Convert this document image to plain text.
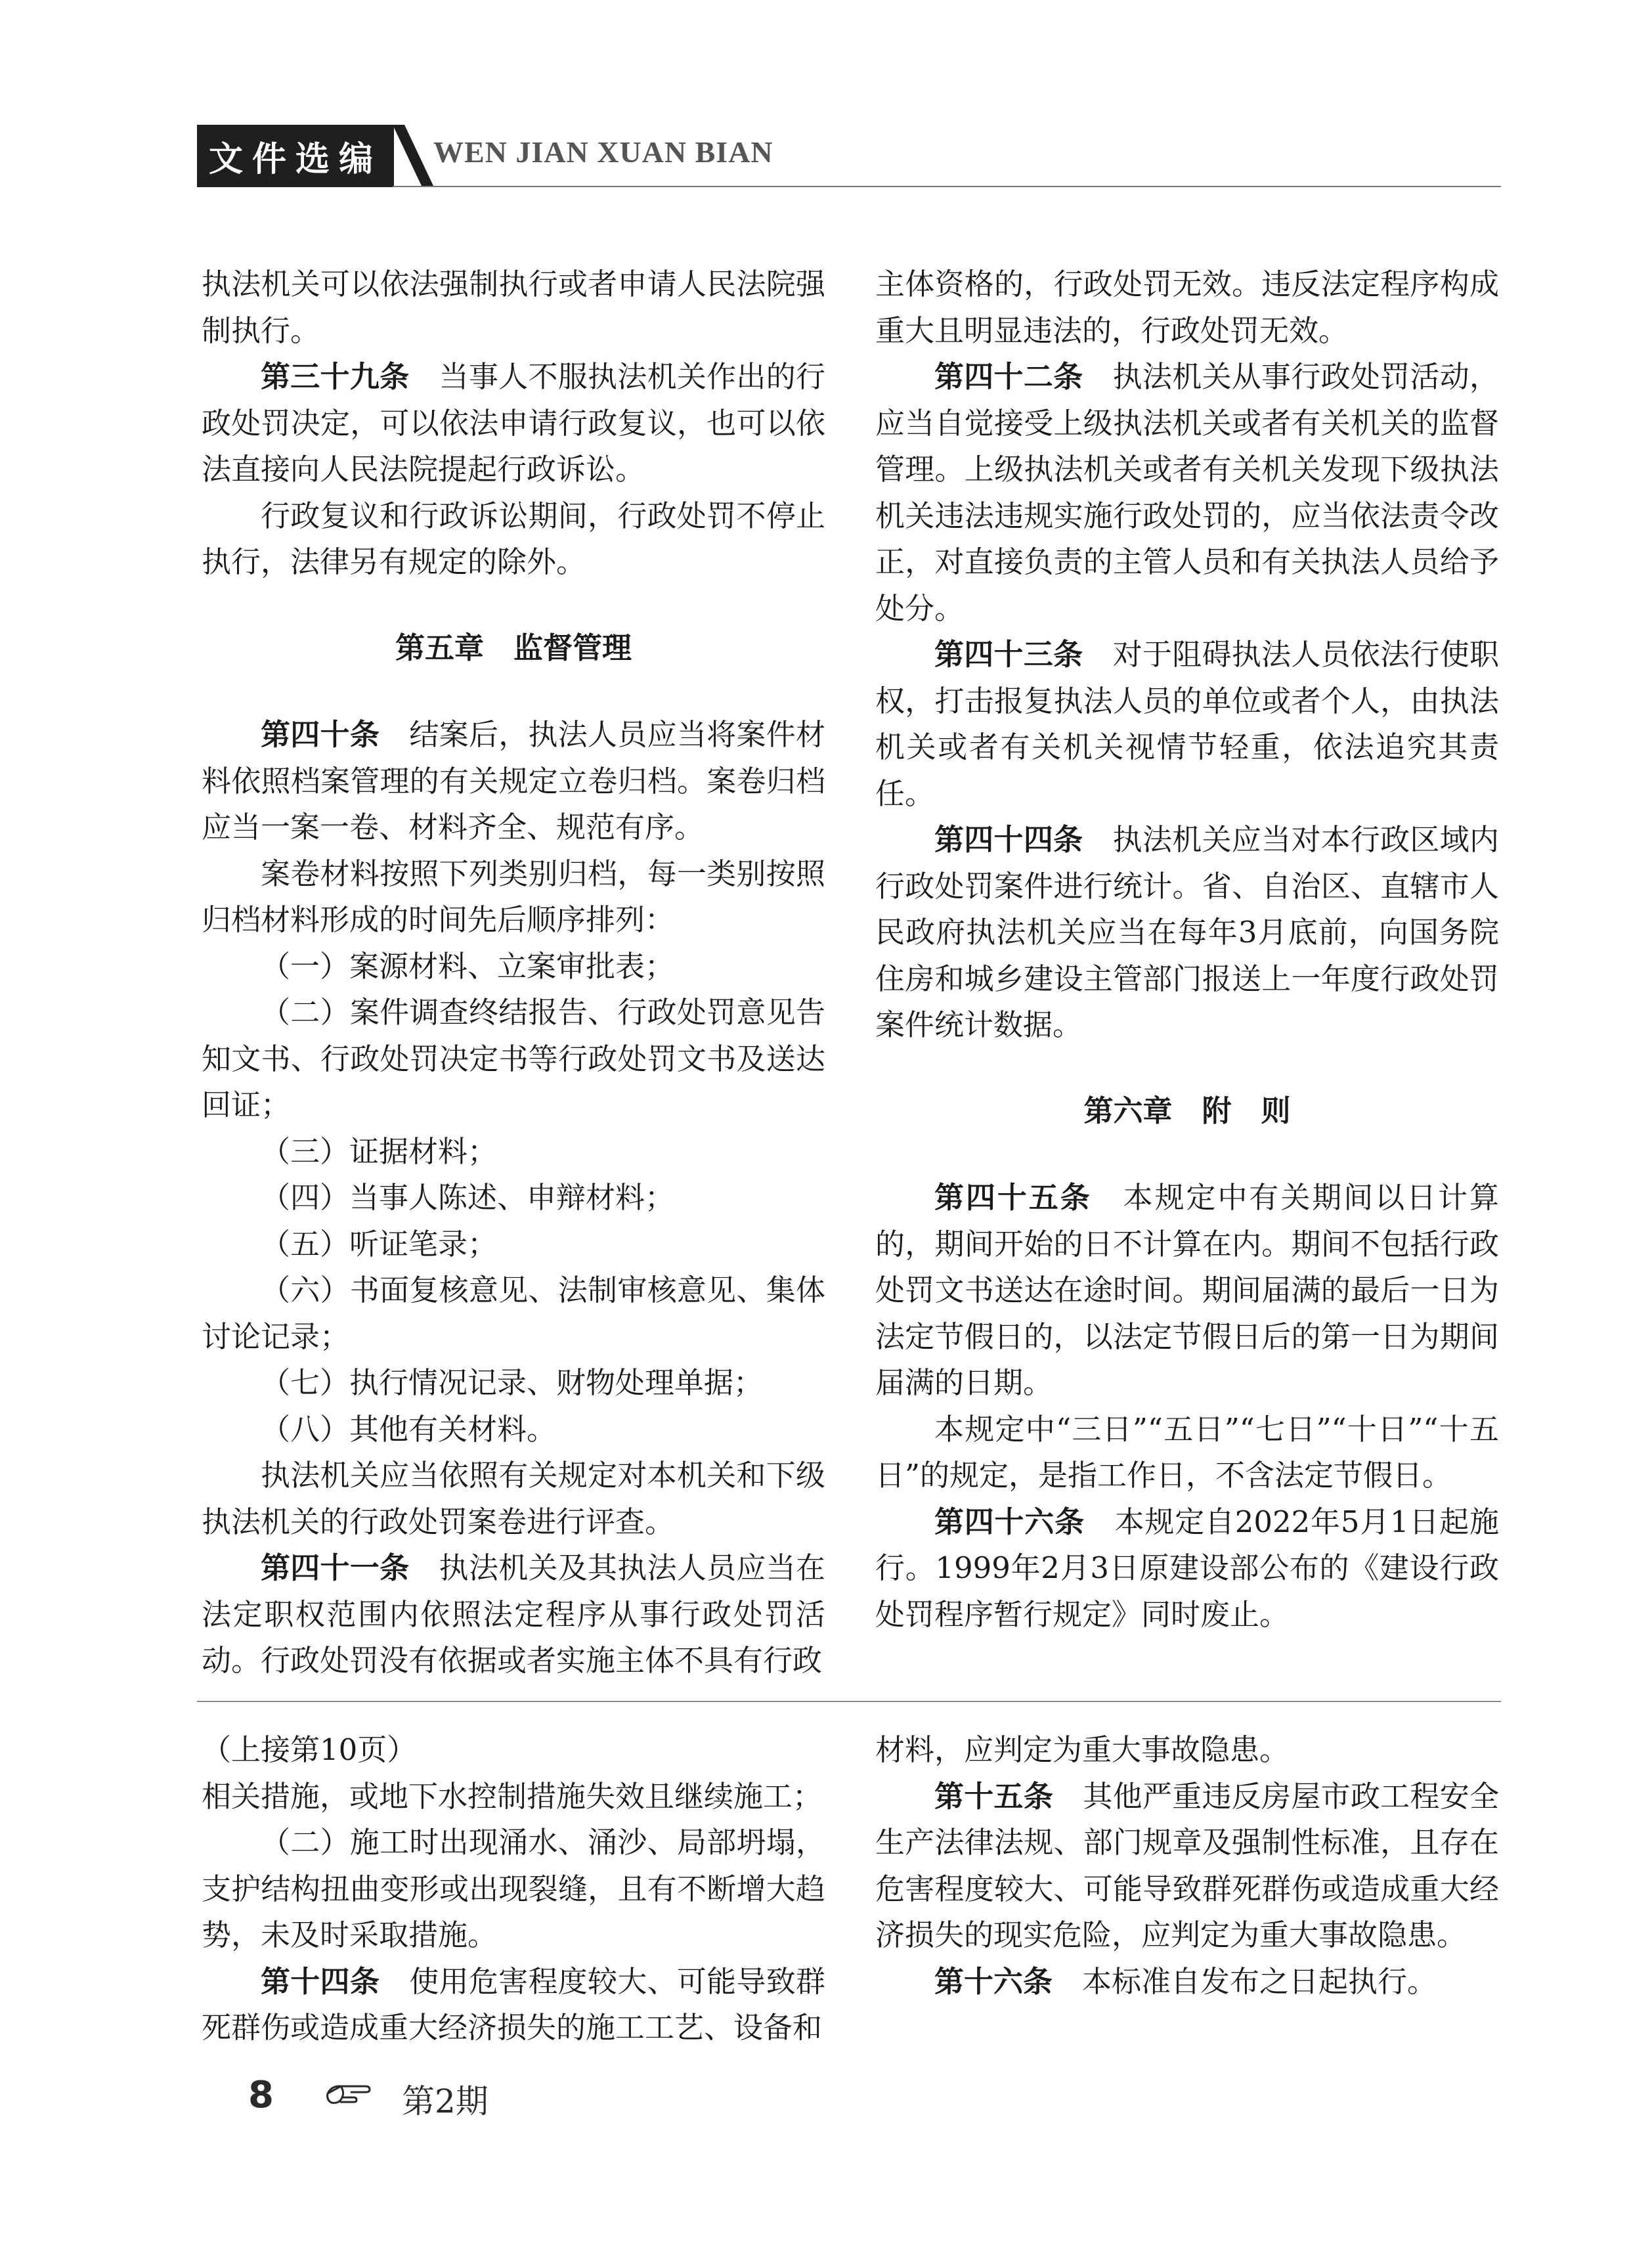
文件选编	WEN JIAN XUAN BIAN

执法机关可以依法强制执行或者申请人民法院强制执行。

第三十九条　 当事人不服执法机关作出的行政处罚决定，可以依法申请行政复议，也可以依法直接向人民法院提起行政诉讼。

行政复议和行政诉讼期间，行政处罚不停止执行，法律另有规定的除外。

第五章　监督管理

第四十条　 结案后，执法人员应当将案件材料依照档案管理的有关规定立卷归档。案卷归档应当一案一卷、材料齐全、规范有序。

案卷材料按照下列类别归档，每一类别按照归档材料形成的时间先后顺序排列：

（一）案源材料、立案审批表；

（二）案件调查终结报告、行政处罚意见告知文书、行政处罚决定书等行政处罚文书及送达回证；

（三）证据材料；

（四）当事人陈述、申辩材料；

（五）听证笔录；

（六）书面复核意见、法制审核意见、集体讨论记录；

（七）执行情况记录、财物处理单据；

（八）其他有关材料。

执法机关应当依照有关规定对本机关和下级执法机关的行政处罚案卷进行评查。

第四十一条　 执法机关及其执法人员应当在法定职权范围内依照法定程序从事行政处罚活动。行政处罚没有依据或者实施主体不具有行政

主体资格的，行政处罚无效。违反法定程序构成重大且明显违法的，行政处罚无效。

第四十二条　 执法机关从事行政处罚活动，应当自觉接受上级执法机关或者有关机关的监督管理。上级执法机关或者有关机关发现下级执法机关违法违规实施行政处罚的，应当依法责令改正，对直接负责的主管人员和有关执法人员给予处分。

第四十三条　 对于阻碍执法人员依法行使职权，打击报复执法人员的单位或者个人，由执法机关或者有关机关视情节轻重，依法追究其责任。

第四十四条　 执法机关应当对本行政区域内行政处罚案件进行统计。省、自治区、直辖市人民政府执法机关应当在每年3月底前，向国务院住房和城乡建设主管部门报送上一年度行政处罚案件统计数据。

第六章　附　则

第四十五条　 本规定中有关期间以日计算的，期间开始的日不计算在内。期间不包括行政处罚文书送达在途时间。期间届满的最后一日为法定节假日的，以法定节假日后的第一日为期间届满的日期。

本规定中“三日”“五日”“七日”“十日”“十五日”的规定，是指工作日，不含法定节假日。

第四十六条　 本规定自2022年5月1日起施行。1999年2月3日原建设部公布的《建设行政处罚程序暂行规定》同时废止。

（上接第10页）

相关措施，或地下水控制措施失效且继续施工；

（二）施工时出现涌水、涌沙、局部坍塌，支护结构扭曲变形或出现裂缝，且有不断增大趋势，未及时采取措施。

第十四条　 使用危害程度较大、可能导致群死群伤或造成重大经济损失的施工工艺、设备和

材料，应判定为重大事故隐患。

第十五条　 其他严重违反房屋市政工程安全生产法律法规、部门规章及强制性标准，且存在危害程度较大、可能导致群死群伤或造成重大经济损失的现实危险，应判定为重大事故隐患。

第十六条　 本标准自发布之日起执行。

8	第2期
